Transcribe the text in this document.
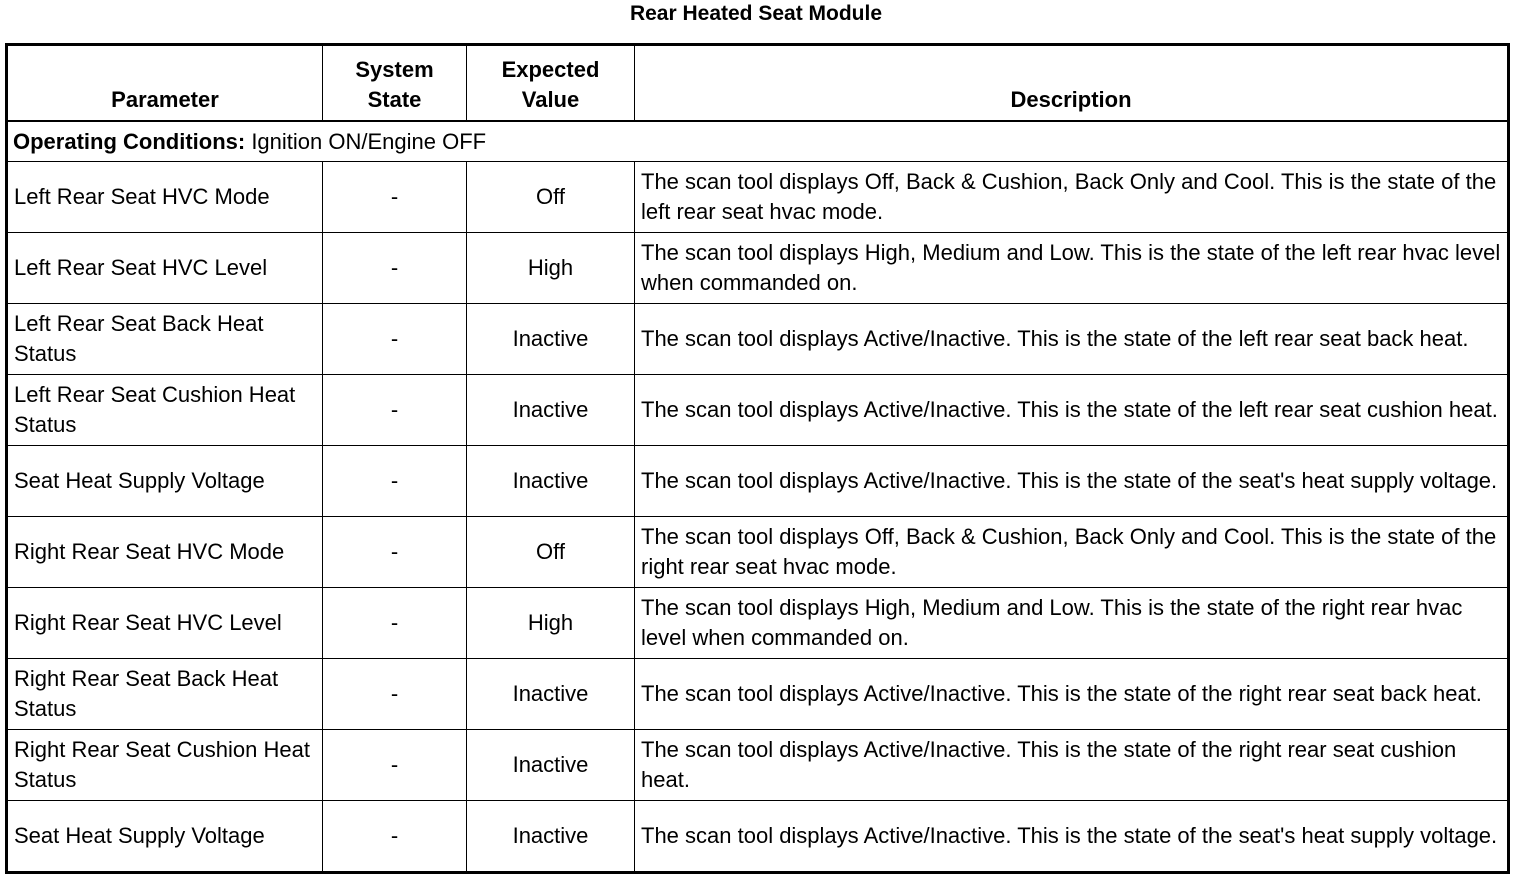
Rear Heated Seat Module
Parameter	System State	Expected Value	Description
Operating Conditions: Ignition ON/Engine OFF			
Left Rear Seat HVC Mode	-	Off	The scan tool displays Off, Back & Cushion, Back Only and Cool. This is the state of the left rear seat hvac mode.
Left Rear Seat HVC Level	-	High	The scan tool displays High, Medium and Low. This is the state of the left rear hvac level when commanded on.
Left Rear Seat Back Heat Status	-	Inactive	The scan tool displays Active/Inactive. This is the state of the left rear seat back heat.
Left Rear Seat Cushion Heat Status	-	Inactive	The scan tool displays Active/Inactive. This is the state of the left rear seat cushion heat.
Seat Heat Supply Voltage	-	Inactive	The scan tool displays Active/Inactive. This is the state of the seat's heat supply voltage.
Right Rear Seat HVC Mode	-	Off	The scan tool displays Off, Back & Cushion, Back Only and Cool. This is the state of the right rear seat hvac mode.
Right Rear Seat HVC Level	-	High	The scan tool displays High, Medium and Low. This is the state of the right rear hvac level when commanded on.
Right Rear Seat Back Heat Status	-	Inactive	The scan tool displays Active/Inactive. This is the state of the right rear seat back heat.
Right Rear Seat Cushion Heat Status	-	Inactive	The scan tool displays Active/Inactive. This is the state of the right rear seat cushion heat.
Seat Heat Supply Voltage	-	Inactive	The scan tool displays Active/Inactive. This is the state of the seat's heat supply voltage.
